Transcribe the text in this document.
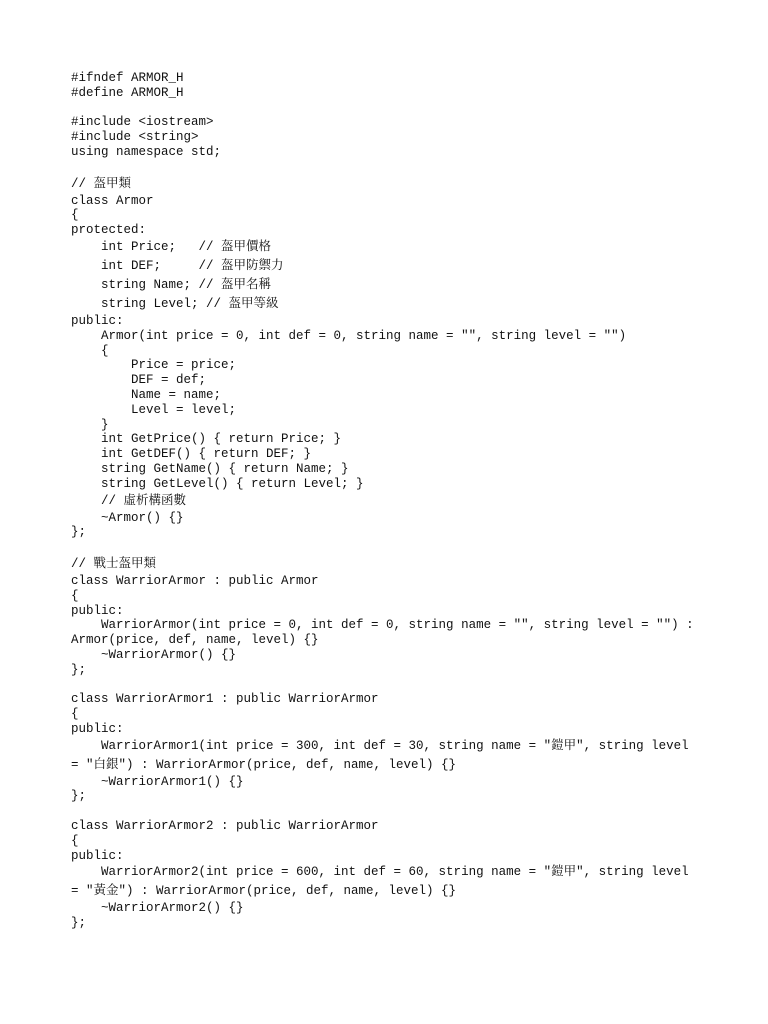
#ifndef ARMOR_H
#define ARMOR_H
#include <iostream>
#include <string>
using namespace std;
// 盔甲類
class Armor
{
protected:
int Price;   // 盔甲價格
int DEF;     // 盔甲防禦力
string Name; // 盔甲名稱
string Level; // 盔甲等級
public:
Armor(int price = 0, int def = 0, string name = "", string level = "")
{
Price = price;
DEF = def;
Name = name;
Level = level;
}
int GetPrice() { return Price; }
int GetDEF() { return DEF; }
string GetName() { return Name; }
string GetLevel() { return Level; }
// 虛析構函數
~Armor() {}
};
// 戰士盔甲類
class WarriorArmor : public Armor
{
public:
WarriorArmor(int price = 0, int def = 0, string name = "", string level = "") :
Armor(price, def, name, level) {}
~WarriorArmor() {}
};
class WarriorArmor1 : public WarriorArmor
{
public:
WarriorArmor1(int price = 300, int def = 30, string name = "鎧甲", string level
= "白銀") : WarriorArmor(price, def, name, level) {}
~WarriorArmor1() {}
};
class WarriorArmor2 : public WarriorArmor
{
public:
WarriorArmor2(int price = 600, int def = 60, string name = "鎧甲", string level
= "黃金") : WarriorArmor(price, def, name, level) {}
~WarriorArmor2() {}
};
